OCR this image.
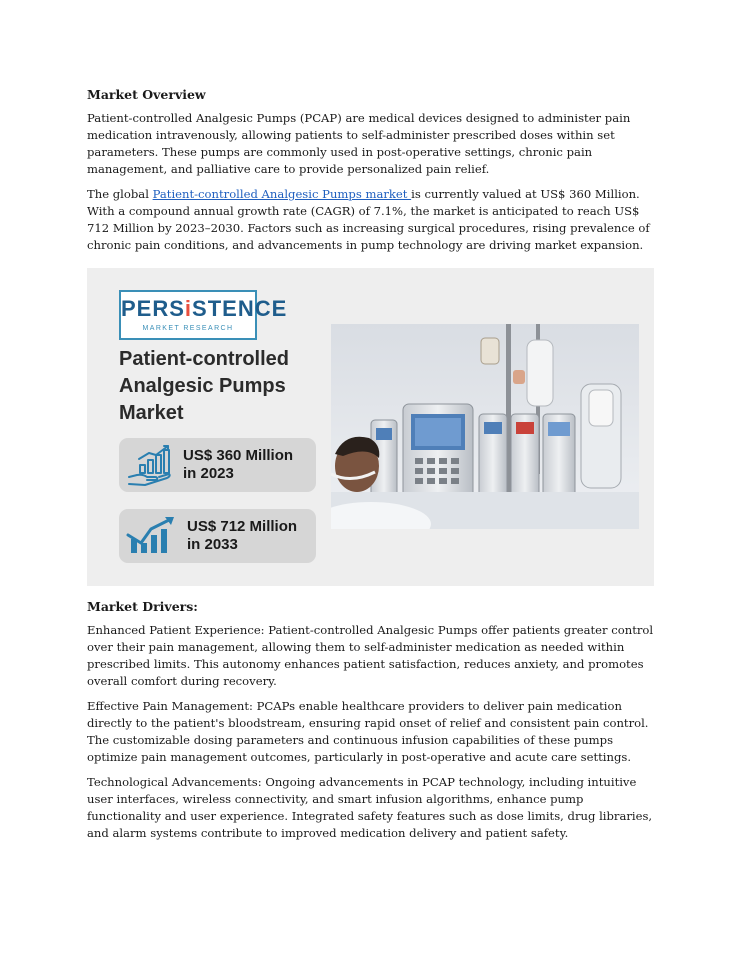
Market Overview

Patient-controlled Analgesic Pumps (PCAP) are medical devices designed to administer pain medication intravenously, allowing patients to self-administer prescribed doses within set parameters. These pumps are commonly used in post-operative settings, chronic pain management, and palliative care to provide personalized pain relief.

The global Patient-controlled Analgesic Pumps market is currently valued at US$ 360 Million. With a compound annual growth rate (CAGR) of 7.1%, the market is anticipated to reach US$ 712 Million by 2023–2030. Factors such as increasing surgical procedures, rising prevalence of chronic pain conditions, and advancements in pump technology are driving market expansion.

PERSiSTENCE
MARKET RESEARCH
Patient-controlled Analgesic Pumps Market
US$ 360 Million
in 2023
US$ 712 Million
in 2033

Market Drivers:

Enhanced Patient Experience: Patient-controlled Analgesic Pumps offer patients greater control over their pain management, allowing them to self-administer medication as needed within prescribed limits. This autonomy enhances patient satisfaction, reduces anxiety, and promotes overall comfort during recovery.

Effective Pain Management: PCAPs enable healthcare providers to deliver pain medication directly to the patient's bloodstream, ensuring rapid onset of relief and consistent pain control. The customizable dosing parameters and continuous infusion capabilities of these pumps optimize pain management outcomes, particularly in post-operative and acute care settings.

Technological Advancements: Ongoing advancements in PCAP technology, including intuitive user interfaces, wireless connectivity, and smart infusion algorithms, enhance pump functionality and user experience. Integrated safety features such as dose limits, drug libraries, and alarm systems contribute to improved medication delivery and patient safety.
